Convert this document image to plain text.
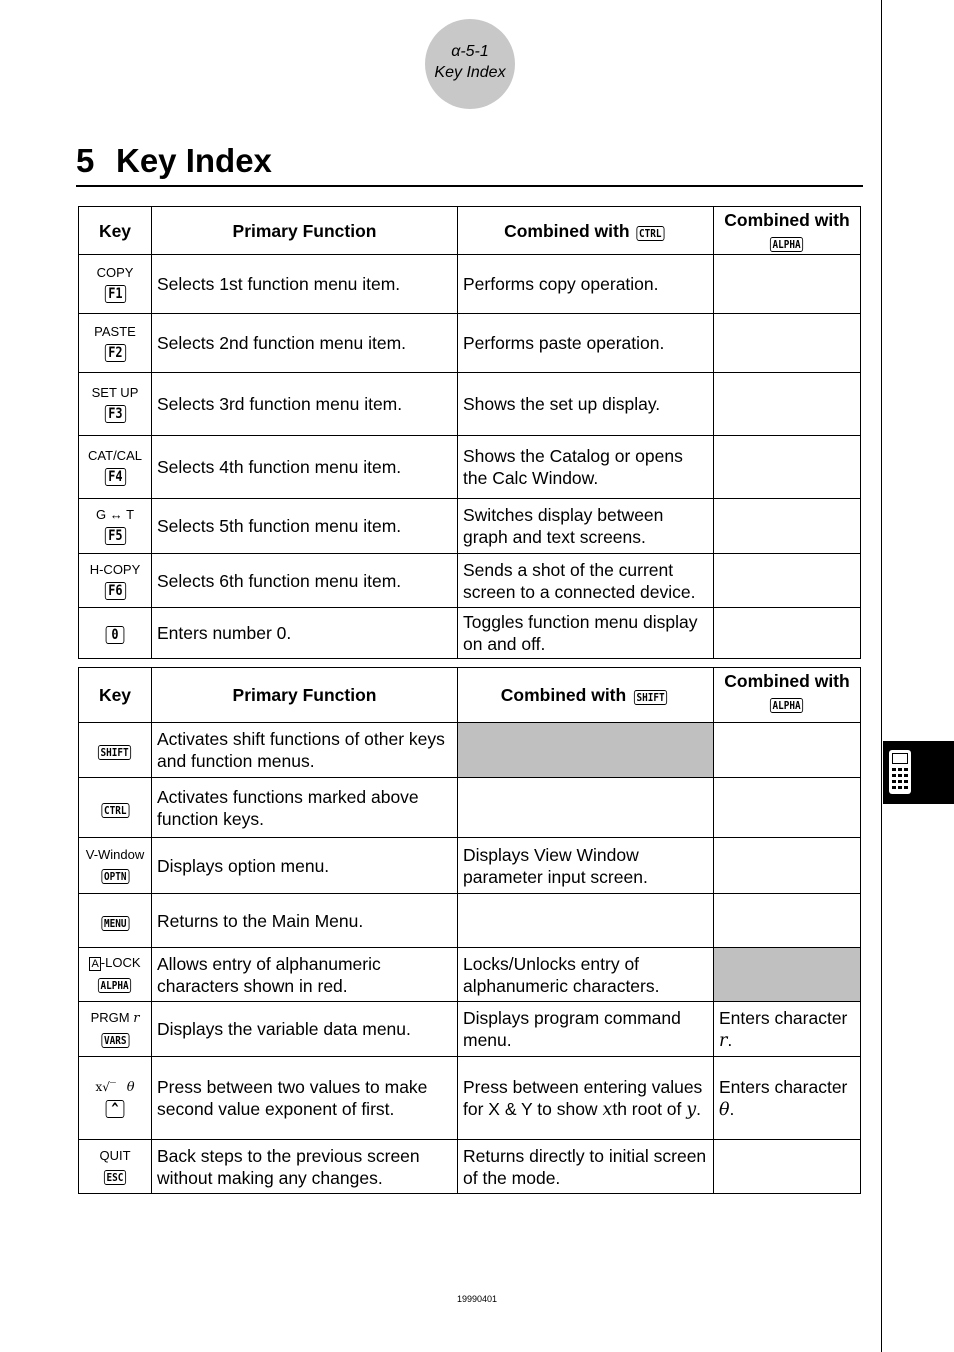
α-5-1
Key Index
5 Key Index
Key	Primary Function	Combined with CTRL	Combined with
ALPHA

COPY
F1	Selects 1st function menu item.	Performs copy operation.	

PASTE
F2	Selects 2nd function menu item.	Performs paste operation.	

SET UP
F3	Selects 3rd function menu item.	Shows the set up display.	

CAT/CAL
F4	Selects 4th function menu item.	Shows the Catalog or opens the Calc Window.	

G ↔ T
F5	Selects 5th function menu item.	Switches display between graph and text screens.	

H-COPY
F6	Selects 6th function menu item.	Sends a shot of the current screen to a connected device.	
0	Enters number 0.	Toggles function menu display on and off.	
Key	Primary Function	Combined with SHIFT	Combined with
ALPHA
SHIFT	Activates shift functions of other keys and function menus.		
CTRL	Activates functions marked above function keys.		

V-Window
OPTN	Displays option menu.	Displays View Window parameter input screen.	
MENU	Returns to the Main Menu.		

A -LOCK
ALPHA	Allows entry of alphanumeric characters shown in red.	Locks/Unlocks entry of alphanumeric characters.	

PRGM r
VARS	Displays the variable data menu.	Displays program command menu.	Enters character r.

x√‾ θ
^	Press between two values to make second value exponent of first.	Press between entering values for X & Y to show xth root of y.	Enters character θ.

QUIT
ESC	Back steps to the previous screen without making any changes.	Returns directly to initial screen of the mode.	
19990401
